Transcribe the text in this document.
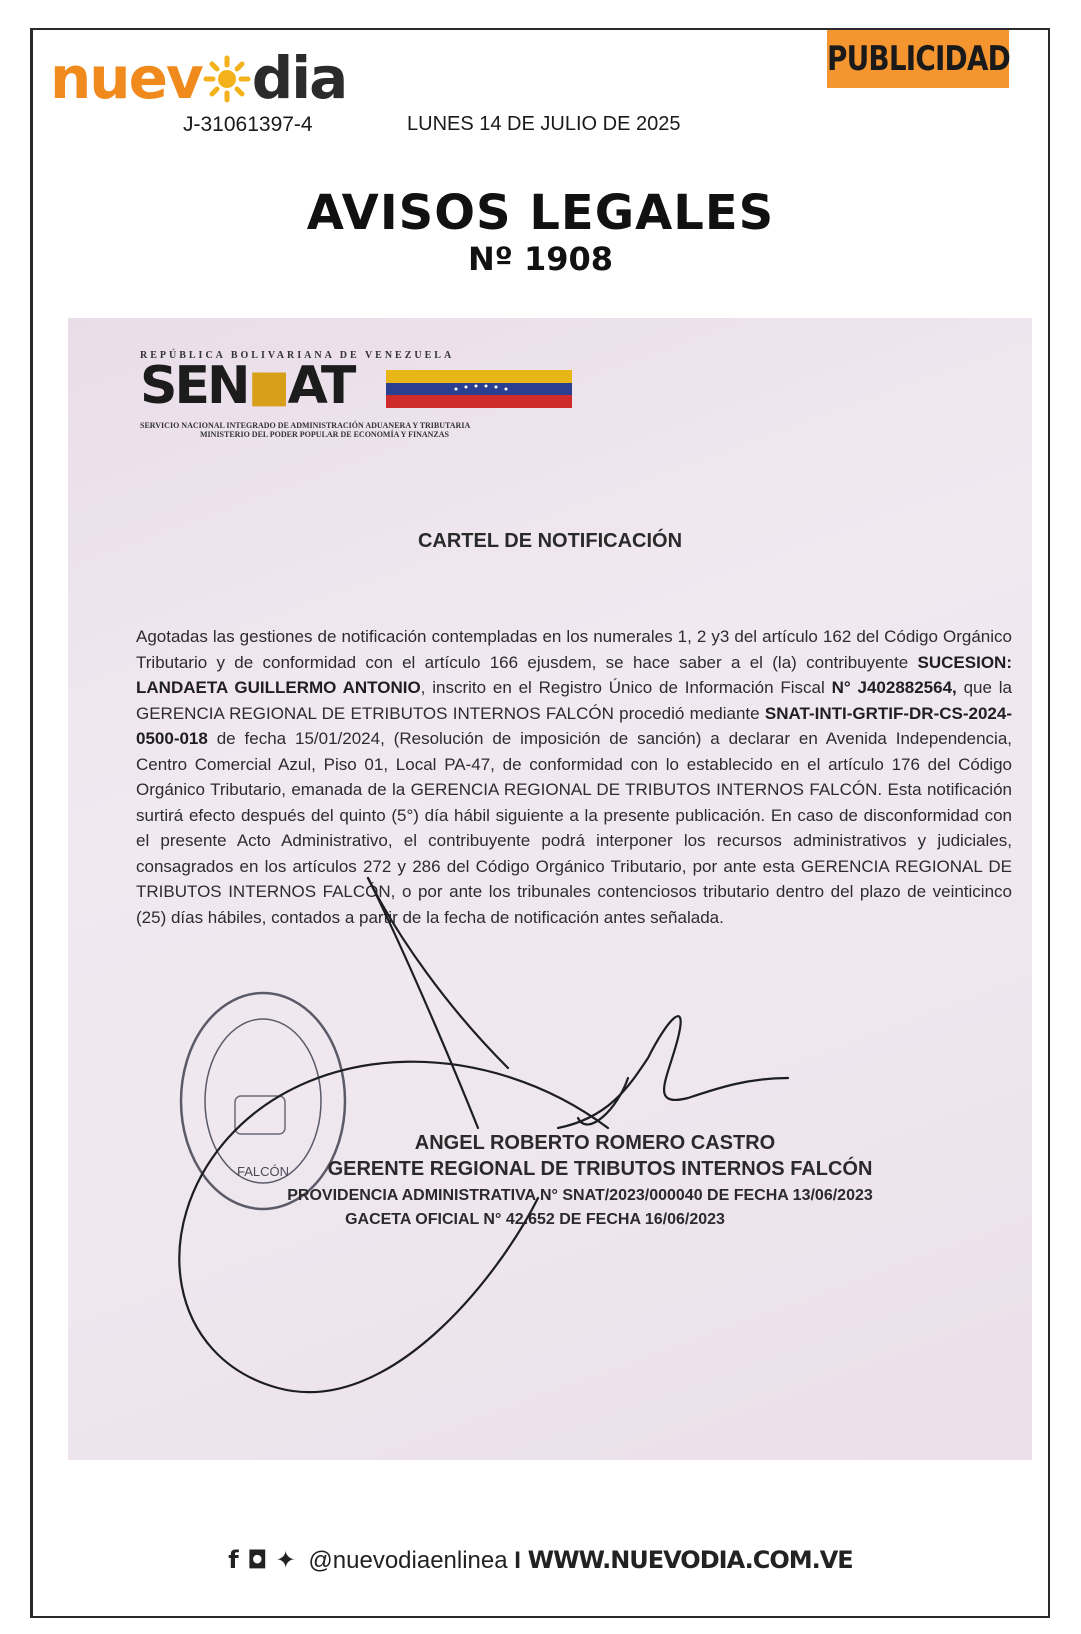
nuev dia
J-31061397-4	LUNES 14 DE JULIO DE 2025
PUBLICIDAD
AVISOS LEGALES
Nº 1908
REPÚBLICA BOLIVARIANA DE VENEZUELA
SEN◼AT
SERVICIO NACIONAL INTEGRADO DE ADMINISTRACIÓN ADUANERA Y TRIBUTARIA
MINISTERIO DEL PODER POPULAR DE ECONOMÍA Y FINANZAS
CARTEL DE NOTIFICACIÓN
Agotadas las gestiones de notificación contempladas en los numerales 1, 2 y3 del artículo 162 del Código Orgánico Tributario y de conformidad con el artículo 166 ejusdem, se hace saber a el (la) contribuyente SUCESION: LANDAETA GUILLERMO ANTONIO, inscrito en el Registro Único de Información Fiscal N° J402882564, que la GERENCIA REGIONAL DE ETRIBUTOS INTERNOS FALCÓN procedió mediante SNAT-INTI-GRTIF-DR-CS-2024-0500-018 de fecha 15/01/2024, (Resolución de imposición de sanción) a declarar en Avenida Independencia, Centro Comercial Azul, Piso 01, Local PA-47, de conformidad con lo establecido en el artículo 176 del Código Orgánico Tributario, emanada de la GERENCIA REGIONAL DE TRIBUTOS INTERNOS FALCÓN. Esta notificación surtirá efecto después del quinto (5°) día hábil siguiente a la presente publicación. En caso de disconformidad con el presente Acto Administrativo, el contribuyente podrá interponer los recursos administrativos y judiciales, consagrados en los artículos 272 y 286 del Código Orgánico Tributario, por ante esta GERENCIA REGIONAL DE TRIBUTOS INTERNOS FALCÓN, o por ante los tribunales contenciosos tributario dentro del plazo de veinticinco (25) días hábiles, contados a partir de la fecha de notificación antes señalada.
FALCÓN
ANGEL ROBERTO ROMERO CASTRO
GERENTE REGIONAL DE TRIBUTOS INTERNOS FALCÓN
PROVIDENCIA ADMINISTRATIVA N° SNAT/2023/000040 DE FECHA 13/06/2023
GACETA OFICIAL N° 42.652 DE FECHA 16/06/2023
f ◘ ✦ @nuevodiaenlinea I WWW.NUEVODIA.COM.VE
